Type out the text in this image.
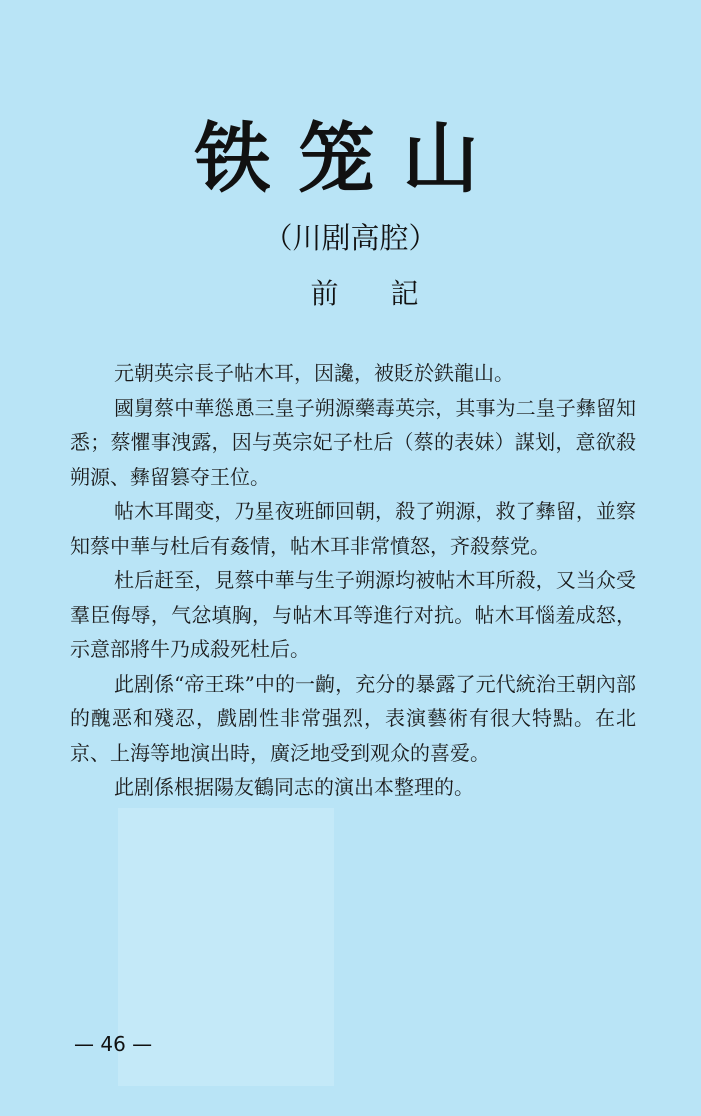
铁笼山
（川剧高腔）
前記

元朝英宗長子帖木耳，因讒，被貶於鉄龍山。

國舅蔡中華慫恿三皇子朔源藥毒英宗，其事为二皇子彝留知悉；蔡懼事洩露，因与英宗妃子杜后（蔡的表妹）謀划，意欲殺朔源、彝留篡夺王位。

帖木耳聞变，乃星夜班師回朝，殺了朔源，救了彝留，並察知蔡中華与杜后有姦情，帖木耳非常憤怒，齐殺蔡党。

杜后赶至，見蔡中華与生子朔源均被帖木耳所殺，又当众受羣臣侮辱，气忿填胸，与帖木耳等進行对抗。帖木耳惱羞成怒，示意部將牛乃成殺死杜后。

此剧係“帝王珠”中的一齣，充分的暴露了元代統治王朝內部的醜恶和殘忍，戲剧性非常强烈，表演藝術有很大特點。在北京、上海等地演出時，廣泛地受到观众的喜爱。

此剧係根据陽友鶴同志的演出本整理的。

— 46 —
